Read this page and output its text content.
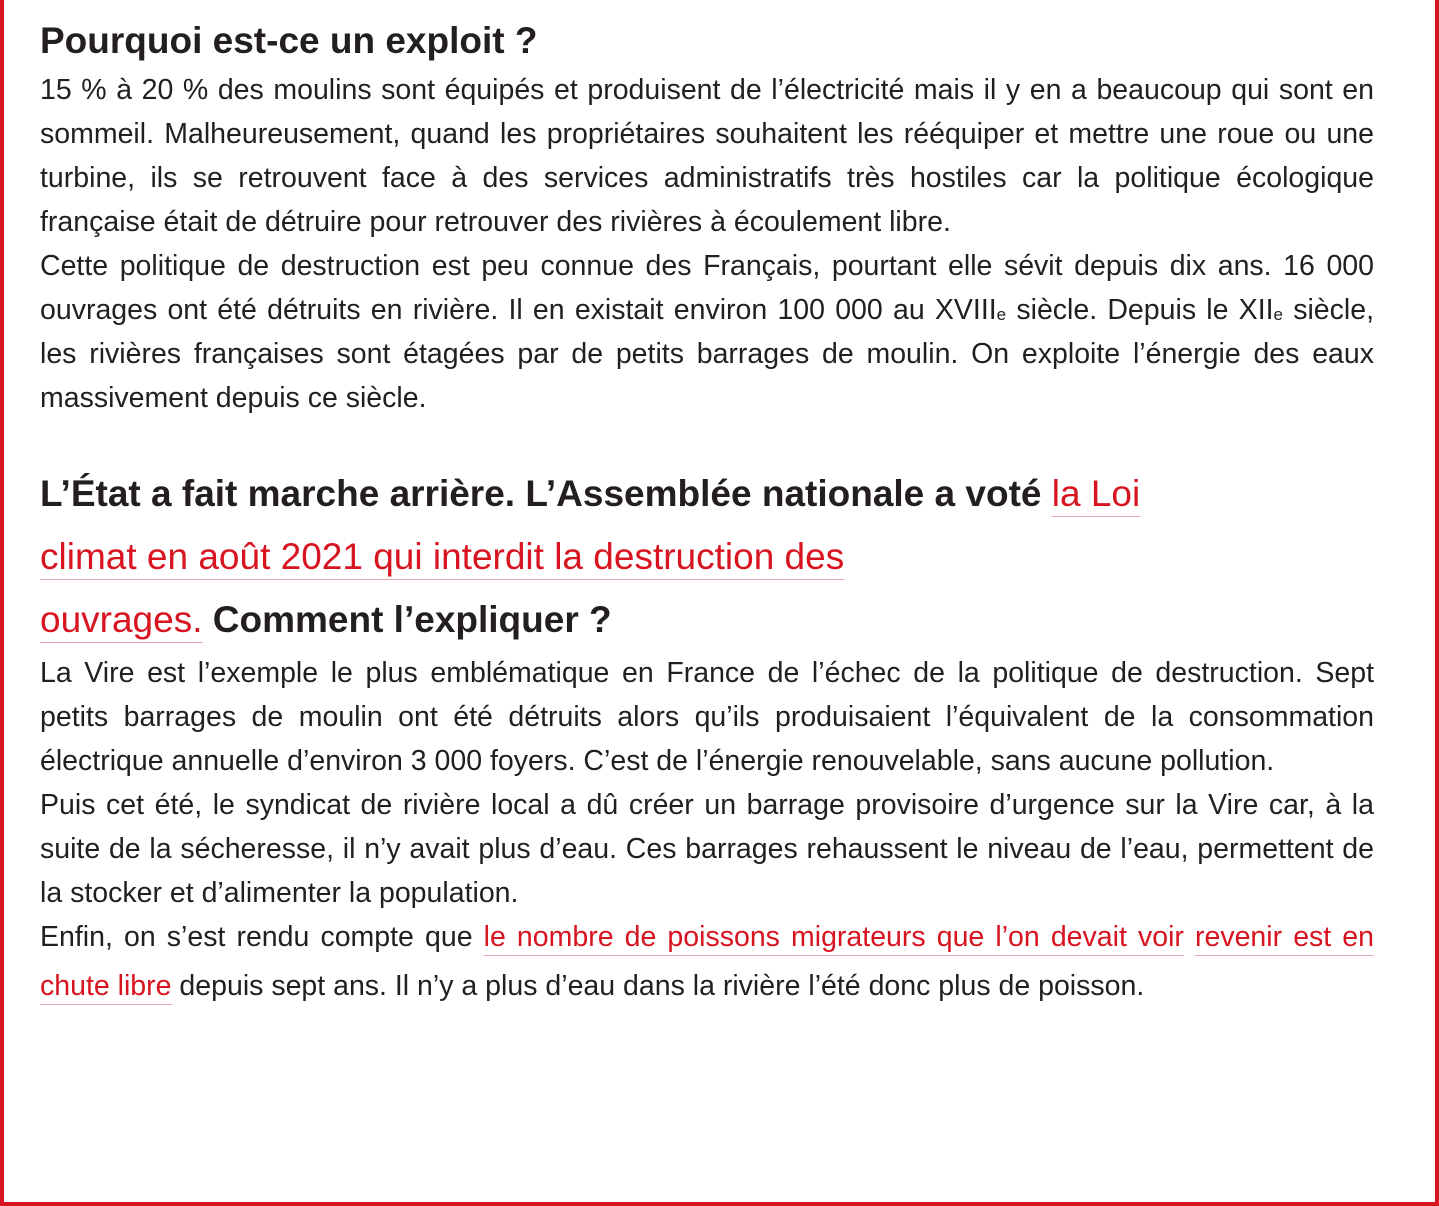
Pourquoi est-ce un exploit ?

15 % à 20 % des moulins sont équipés et produisent de l’électricité mais il y en a beaucoup qui sont en sommeil. Malheureusement, quand les propriétaires souhaitent les rééquiper et mettre une roue ou une turbine, ils se retrouvent face à des services administratifs très hostiles car la politique écologique française était de détruire pour retrouver des rivières à écoulement libre.

Cette politique de destruction est peu connue des Français, pourtant elle sévit depuis dix ans. 16 000 ouvrages ont été détruits en rivière. Il en existait environ 100 000 au XVIIIe siècle. Depuis le XIIe siècle, les rivières françaises sont étagées par de petits barrages de moulin. On exploite l’énergie des eaux massivement depuis ce siècle.

L’État a fait marche arrière. L’Assemblée nationale a voté la Loi
climat en août 2021 qui interdit la destruction des
ouvrages. Comment l’expliquer ?

La Vire est l’exemple le plus emblématique en France de l’échec de la politique de destruction. Sept petits barrages de moulin ont été détruits alors qu’ils produisaient l’équivalent de la consommation électrique annuelle d’environ 3 000 foyers. C’est de l’énergie renouvelable, sans aucune pollution.

Puis cet été, le syndicat de rivière local a dû créer un barrage provisoire d’urgence sur la Vire car, à la suite de la sécheresse, il n’y avait plus d’eau. Ces barrages rehaussent le niveau de l’eau, permettent de la stocker et d’alimenter la population.

Enfin, on s’est rendu compte que le nombre de poissons migrateurs que l’on devait voir revenir est en chute libre depuis sept ans. Il n’y a plus d’eau dans la rivière l’été donc plus de poisson.
